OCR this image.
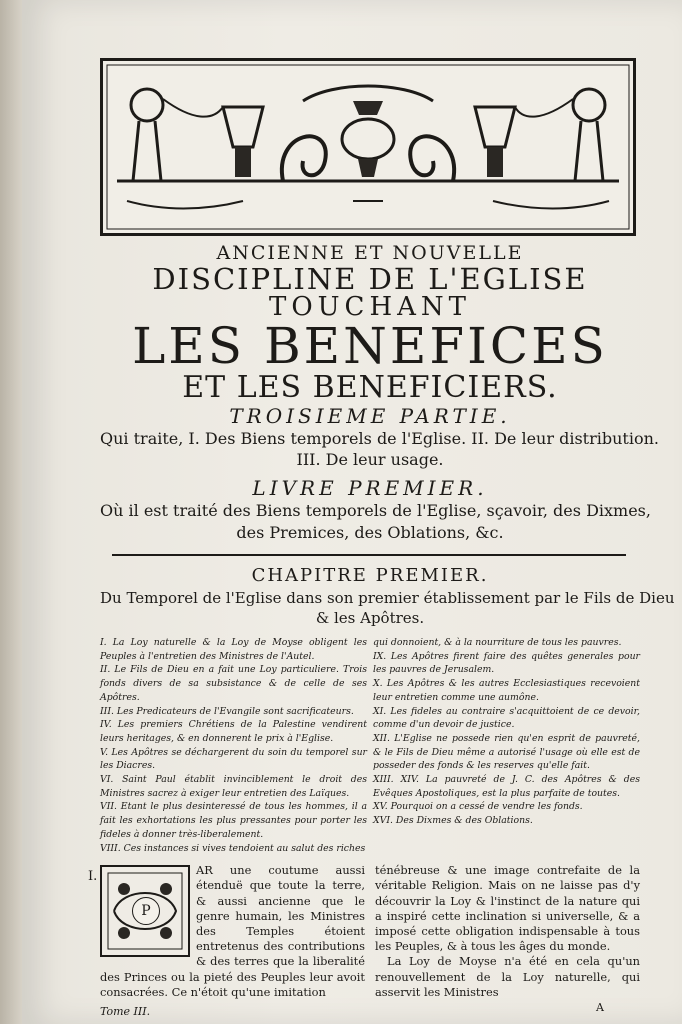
ANCIENNE ET NOUVELLE
DISCIPLINE DE L'EGLISE
TOUCHANT
LES BENEFICES
ET LES BENEFICIERS.
TROISIEME PARTIE.
Qui traite, I. Des Biens temporels de l'Eglise. II. De leur distribution.
III. De leur usage.
LIVRE PREMIER.
Où il est traité des Biens temporels de l'Eglise, sçavoir, des Dixmes,
des Premices, des Oblations, &c.
CHAPITRE PREMIER.
Du Temporel de l'Eglise dans son premier établissement par le Fils de Dieu
& les Apôtres.

I. La Loy naturelle & la Loy de Moyse obligent les Peuples à l'entretien des Ministres de l'Autel.

II. Le Fils de Dieu en a fait une Loy particuliere. Trois fonds divers de sa subsistance & de celle de ses Apôtres.

III. Les Predicateurs de l'Evangile sont sacrificateurs.

IV. Les premiers Chrétiens de la Palestine vendirent leurs heritages, & en donnerent le prix à l'Eglise.

V. Les Apôtres se déchargerent du soin du temporel sur les Diacres.

VI. Saint Paul établit invinciblement le droit des Ministres sacrez à exiger leur entretien des Laïques.

VII. Etant le plus desinteressé de tous les hommes, il a fait les exhortations les plus pressantes pour porter les fideles à donner très-liberalement.

VIII. Ces instances si vives tendoient au salut des riches

qui donnoient, & à la nourriture de tous les pauvres.

IX. Les Apôtres firent faire des quêtes generales pour les pauvres de Jerusalem.

X. Les Apôtres & les autres Ecclesiastiques recevoient leur entretien comme une aumône.

XI. Les fideles au contraire s'acquittoient de ce devoir, comme d'un devoir de justice.

XII. L'Eglise ne possede rien qu'en esprit de pauvreté, & le Fils de Dieu même a autorisé l'usage où elle est de posseder des fonds & les reserves qu'elle fait.

XIII. XIV. La pauvreté de J. C. des Apôtres & des Evêques Apostoliques, est la plus parfaite de toutes.

XV. Pourquoi on a cessé de vendre les fonds.

XVI. Des Dixmes & des Oblations.

I.
P

AR une coutume aussi étenduë que toute la terre, & aussi ancienne que le genre humain, les Ministres des Temples étoient entretenus des contributions & des terres que la liberalité des Princes ou la pieté des Peuples leur avoit consacrées. Ce n'étoit qu'une imitation

Tome III.

ténébreuse & une image contrefaite de la véritable Religion. Mais on ne laisse pas d'y découvrir la Loy & l'instinct de la nature qui a inspiré cette inclination si universelle, & a imposé cette obligation indispensable à tous les Peuples, & à tous les âges du monde.

La Loy de Moyse n'a été en cela qu'un renouvellement de la Loy naturelle, qui asservit les Ministres

A
